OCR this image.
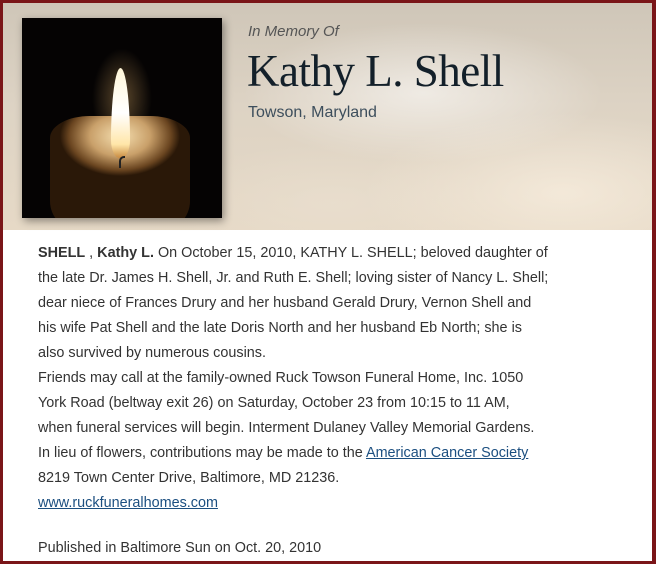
In Memory Of
Kathy L. Shell
Towson, Maryland
SHELL , Kathy L. On October 15, 2010, KATHY L. SHELL; beloved daughter of
the late Dr. James H. Shell, Jr. and Ruth E. Shell; loving sister of Nancy L. Shell;
dear niece of Frances Drury and her husband Gerald Drury, Vernon Shell and
his wife Pat Shell and the late Doris North and her husband Eb North; she is
also survived by numerous cousins.
Friends may call at the family-owned Ruck Towson Funeral Home, Inc. 1050
York Road (beltway exit 26) on Saturday, October 23 from 10:15 to 11 AM,
when funeral services will begin. Interment Dulaney Valley Memorial Gardens.
In lieu of flowers, contributions may be made to the American Cancer Society
8219 Town Center Drive, Baltimore, MD 21236.
www.ruckfuneralhomes.com
Published in Baltimore Sun on Oct. 20, 2010
